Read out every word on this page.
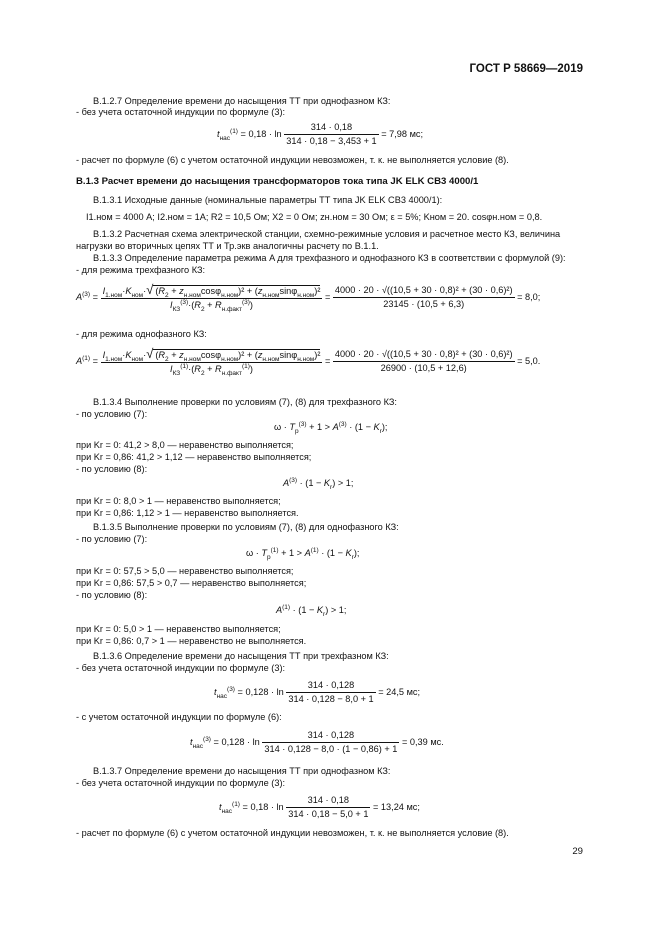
ГОСТ Р 58669—2019
В.1.2.7 Определение времени до насыщения ТТ при однофазном КЗ:
- без учета остаточной индукции по формуле (3):
$t_{нас}^{(1)} = 0,18 \cdot \ln \frac{314 \cdot 0,18}{314 \cdot 0,18 - 3,453 + 1} = 7,98$ мс;
- расчет по формуле (6) с учетом остаточной индукции невозможен, т. к. не выполняется условие (8).
В.1.3 Расчет времени до насыщения трансформаторов тока типа JK ELK CB3 4000/1
В.1.3.1 Исходные данные (номинальные параметры ТТ типа JK ELK CB3 4000/1):
I1.ном = 4000 А; I2.ном = 1А; R2 = 10,5 Ом; X2 = 0 Ом; zн.ном = 30 Ом; ε = 5%; Kном = 20. cosφн.ном = 0,8.
В.1.3.2 Расчетная схема электрической станции, схемно-режимные условия и расчетное место КЗ, величина
нагрузки во вторичных цепях ТТ и Тр.экв аналогичны расчету по В.1.1.
В.1.3.3 Определение параметра режима A для трехфазного и однофазного КЗ в соответствии с формулой (9):
- для режима трехфазного КЗ:
$A^{(3)} = \frac{I_{1.ном}\cdot K_{ном}\cdot√ (R_2 + z_{н.ном}\cos\varphi_{н.ном})^2 + (z_{н.ном}\sin\varphi_{н.ном})^2}{I_{КЗ}^{(3)}\cdot(R_2 + R_{н.факт}^{(3)})} = \frac{\text{4000 · 20 · √((10,5 + 30 · 0,8)² + (30 · 0,6)²)}}{23145 \cdot (10,5 + 6,3)} = 8,0$;
- для режима однофазного КЗ:
$A^{(1)} = \frac{I_{1.ном}\cdot K_{ном}\cdot√ (R_2 + z_{н.ном}\cos\varphi_{н.ном})^2 + (z_{н.ном}\sin\varphi_{н.ном})^2}{I_{КЗ}^{(1)}\cdot(R_2 + R_{н.факт}^{(1)})} = \frac{\text{4000 · 20 · √((10,5 + 30 · 0,8)² + (30 · 0,6)²)}}{26900 \cdot (10,5 + 12,6)} = 5,0$.
В.1.3.4 Выполнение проверки по условиям (7), (8) для трехфазного КЗ:
- по условию (7):
$\omega \cdot T_р^{(3)} + 1 > A^{(3)} \cdot (1 - K_r)$;
при Kr = 0: 41,2 > 8,0 — неравенство выполняется;
при Kr = 0,86: 41,2 > 1,12 — неравенство выполняется;
- по условию (8):
$A^{(3)} \cdot (1 - K_r) > 1$;
при Kr = 0: 8,0 > 1 — неравенство выполняется;
при Kr = 0,86: 1,12 > 1 — неравенство выполняется.
В.1.3.5 Выполнение проверки по условиям (7), (8) для однофазного КЗ:
- по условию (7):
$\omega \cdot T_р^{(1)} + 1 > A^{(1)} \cdot (1 - K_r)$;
при Kr = 0: 57,5 > 5,0 — неравенство выполняется;
при Kr = 0,86: 57,5 > 0,7 — неравенство выполняется;
- по условию (8):
$A^{(1)} \cdot (1 - K_r) > 1$;
при Kr = 0: 5,0 > 1 — неравенство выполняется;
при Kr = 0,86: 0,7 > 1 — неравенство не выполняется.
В.1.3.6 Определение времени до насыщения ТТ при трехфазном КЗ:
- без учета остаточной индукции по формуле (3):
$t_{нас}^{(3)} = 0,128 \cdot \ln \frac{314 \cdot 0,128}{314 \cdot 0,128 - 8,0 + 1} = 24,5$ мс;
- с учетом остаточной индукции по формуле (6):
$t_{нас}^{(3)} = 0,128 \cdot \ln \frac{314 \cdot 0,128}{314 \cdot 0,128 - 8,0 \cdot (1 - 0,86) + 1} = 0,39$ мс.
В.1.3.7 Определение времени до насыщения ТТ при однофазном КЗ:
- без учета остаточной индукции по формуле (3):
$t_{нас}^{(1)} = 0,18 \cdot \ln \frac{314 \cdot 0,18}{314 \cdot 0,18 - 5,0 + 1} = 13,24$ мс;
- расчет по формуле (6) с учетом остаточной индукции невозможен, т. к. не выполняется условие (8).
29
